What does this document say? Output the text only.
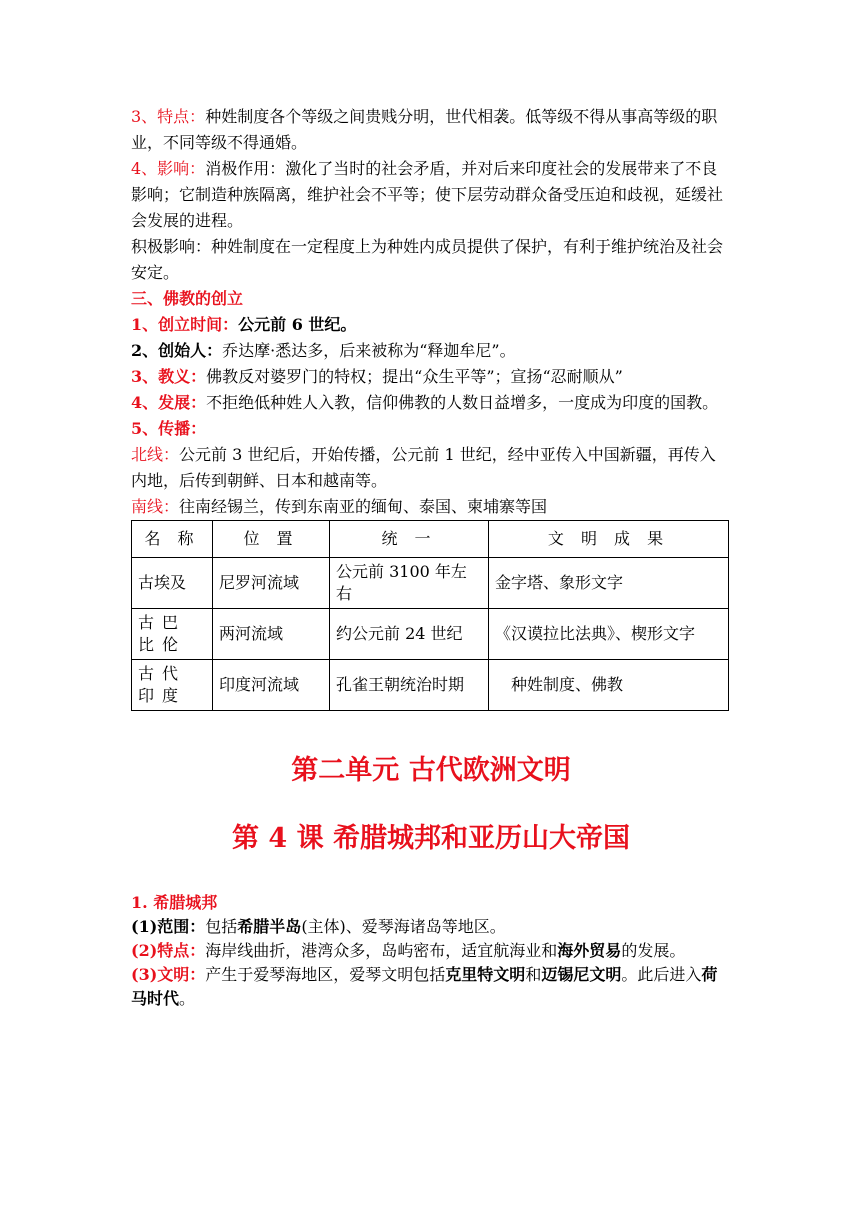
3、特点：种姓制度各个等级之间贵贱分明，世代相袭。低等级不得从事高等级的职业，不同等级不得通婚。

4、影响：消极作用：激化了当时的社会矛盾，并对后来印度社会的发展带来了不良影响；它制造种族隔离，维护社会不平等；使下层劳动群众备受压迫和歧视，延缓社会发展的进程。

积极影响：种姓制度在一定程度上为种姓内成员提供了保护，有利于维护统治及社会安定。

三、佛教的创立

1、创立时间：公元前 6 世纪。

2、创始人：乔达摩·悉达多，后来被称为“释迦牟尼”。

3、教义：佛教反对婆罗门的特权；提出“众生平等”；宣扬“忍耐顺从”

4、发展：不拒绝低种姓人入教，信仰佛教的人数日益增多，一度成为印度的国教。

5、传播：

北线：公元前 3 世纪后，开始传播，公元前 1 世纪，经中亚传入中国新疆，再传入内地，后传到朝鲜、日本和越南等。

南线：往南经锡兰，传到东南亚的缅甸、泰国、柬埔寨等国

名 称	位 置	统 一	文 明 成 果
古埃及	尼罗河流域	公元前 3100 年左右	金字塔、象形文字
古巴比伦	两河流域	约公元前 24 世纪	《汉谟拉比法典》、楔形文字
古代印度	印度河流域	孔雀王朝统治时期	种姓制度、佛教
第二单元 古代欧洲文明
第 4 课 希腊城邦和亚历山大帝国

1. 希腊城邦

(1)范围：包括希腊半岛(主体)、爱琴海诸岛等地区。

(2)特点：海岸线曲折，港湾众多，岛屿密布，适宜航海业和海外贸易的发展。

(3)文明：产生于爱琴海地区，爱琴文明包括克里特文明和迈锡尼文明。此后进入荷马时代。
